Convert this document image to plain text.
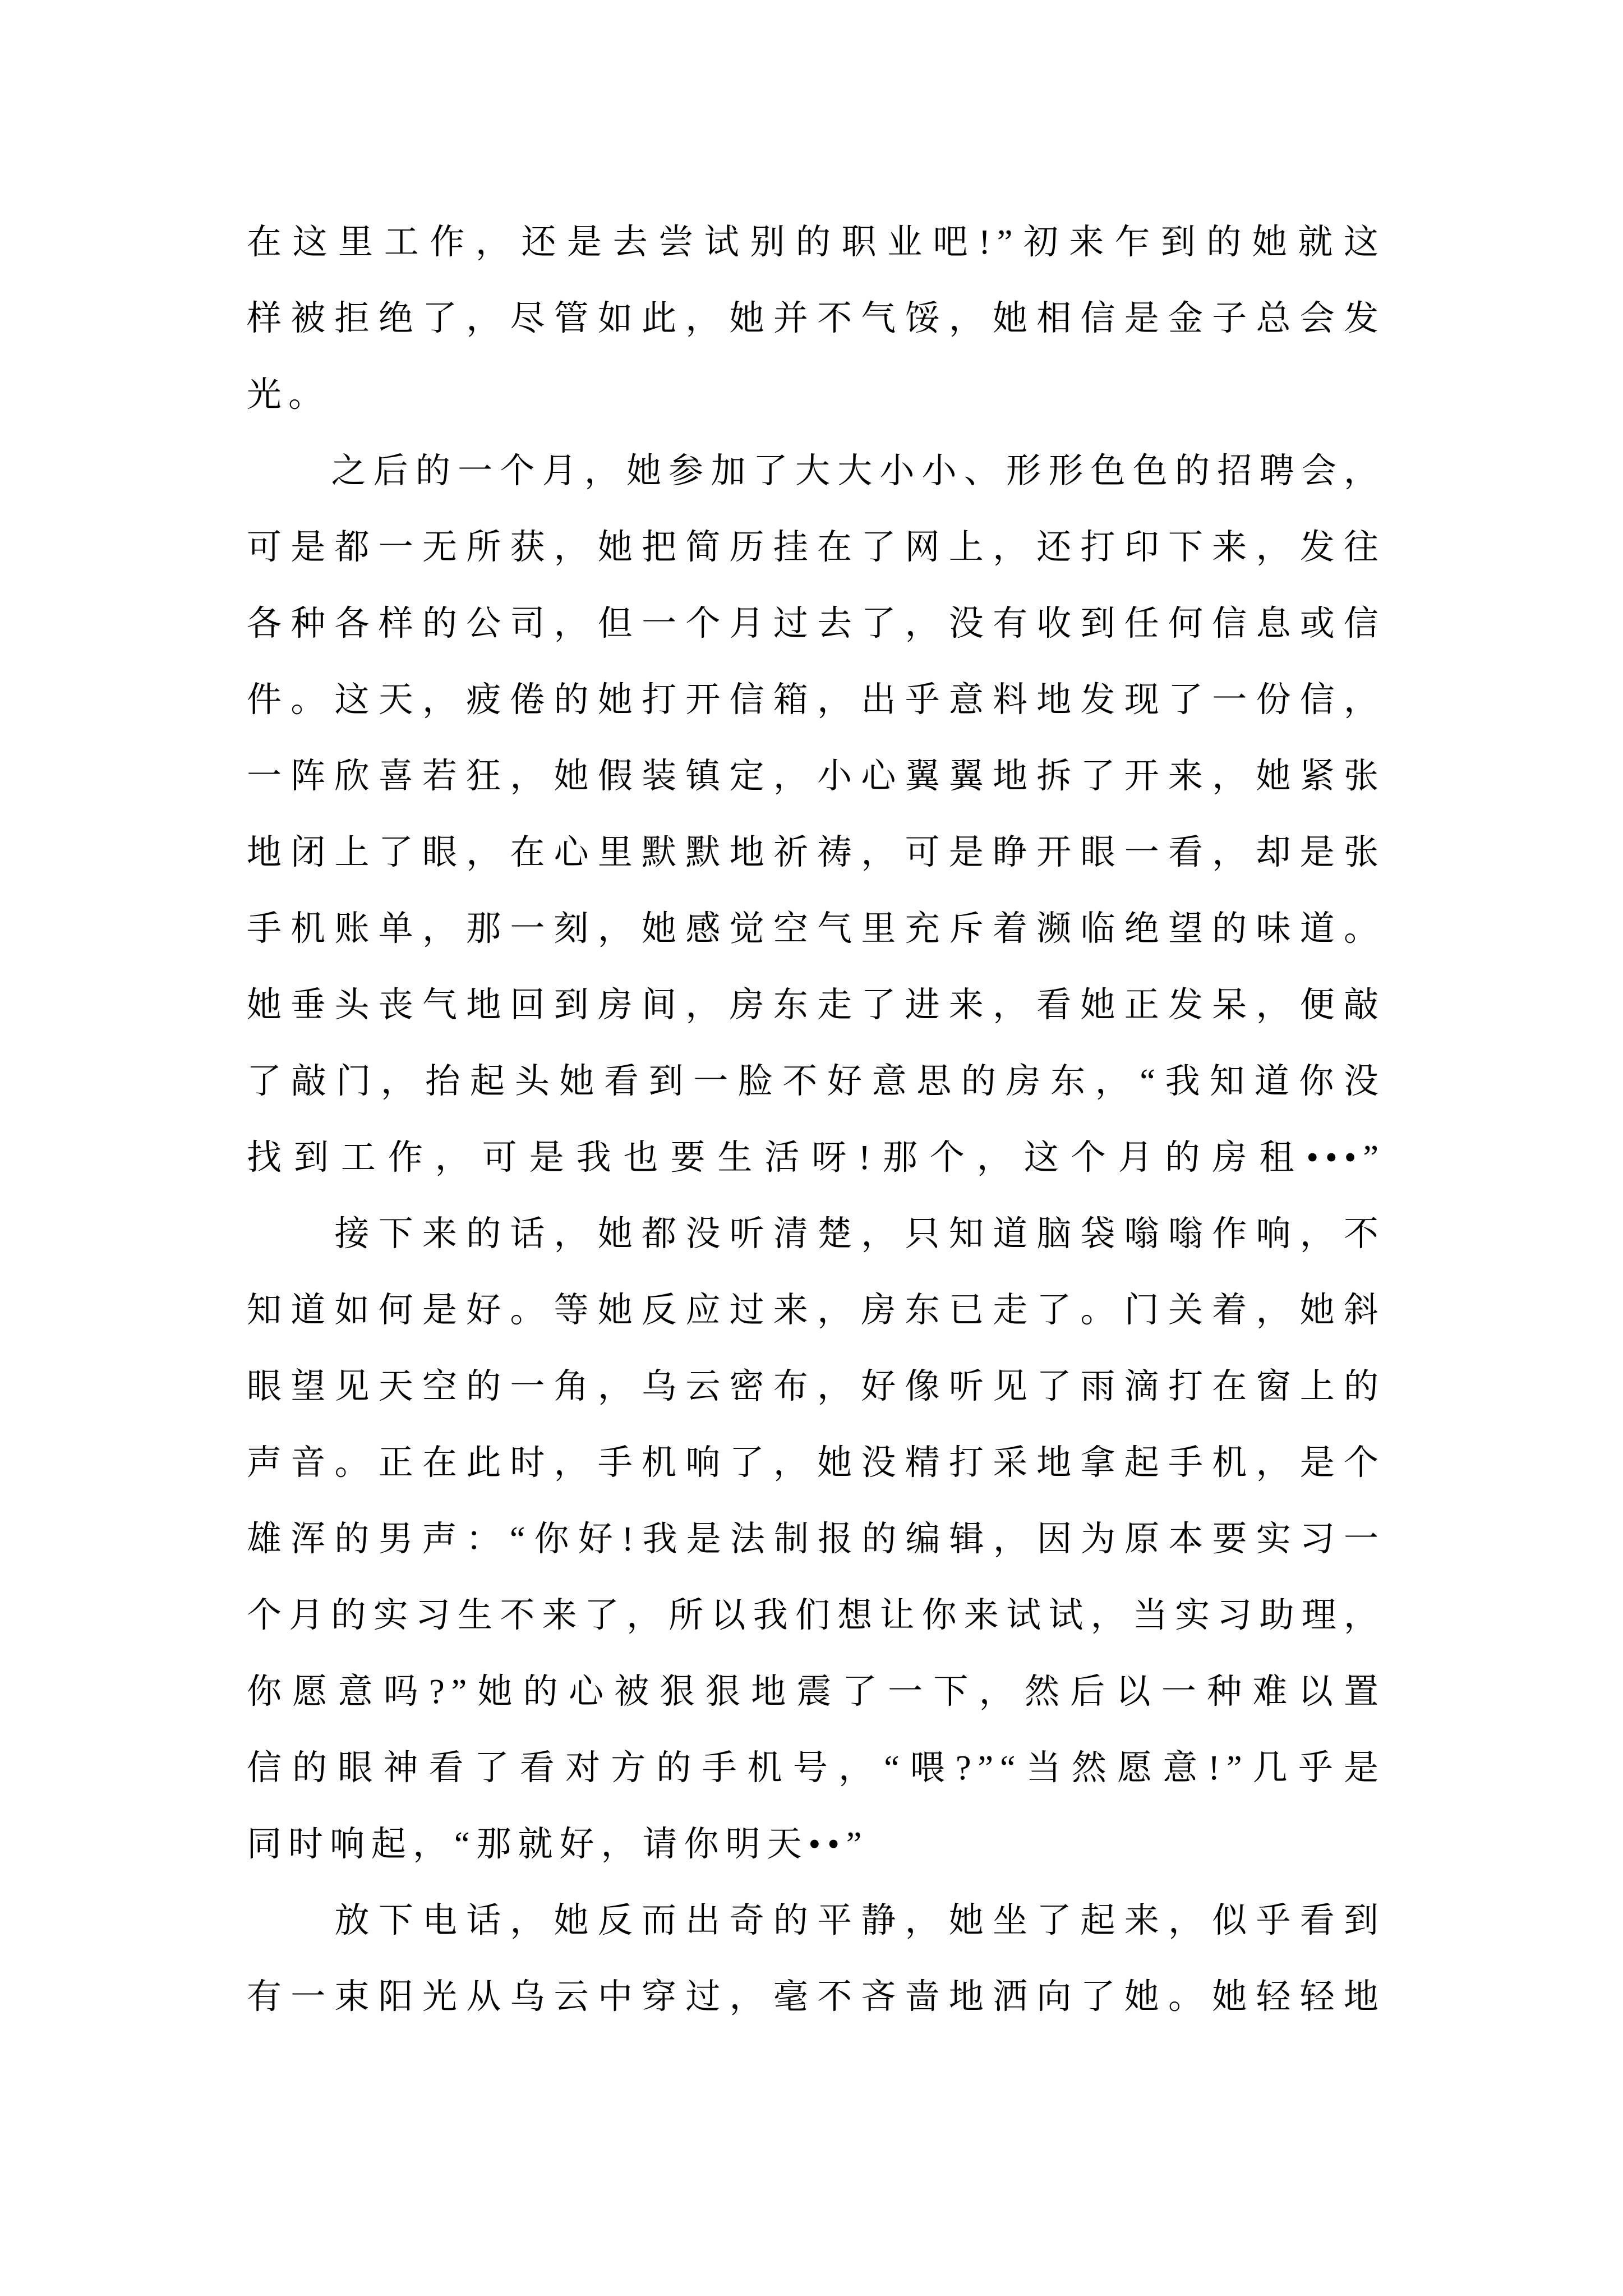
在这里工作，还是去尝试别的职业吧!”初来乍到的她就这
样被拒绝了，尽管如此，她并不气馁，她相信是金子总会发
光。
　　之后的一个月，她参加了大大小小、形形色色的招聘会，
可是都一无所获，她把简历挂在了网上，还打印下来，发往
各种各样的公司，但一个月过去了，没有收到任何信息或信
件。这天，疲倦的她打开信箱，出乎意料地发现了一份信，
一阵欣喜若狂，她假装镇定，小心翼翼地拆了开来，她紧张
地闭上了眼，在心里默默地祈祷，可是睁开眼一看，却是张
手机账单，那一刻，她感觉空气里充斥着濒临绝望的味道。
她垂头丧气地回到房间，房东走了进来，看她正发呆，便敲
了敲门，抬起头她看到一脸不好意思的房东，“我知道你没
找到工作，可是我也要生活呀!那个，这个月的房租•••”
　　接下来的话，她都没听清楚，只知道脑袋嗡嗡作响，不
知道如何是好。等她反应过来，房东已走了。门关着，她斜
眼望见天空的一角，乌云密布，好像听见了雨滴打在窗上的
声音。正在此时，手机响了，她没精打采地拿起手机，是个
雄浑的男声：“你好!我是法制报的编辑，因为原本要实习一
个月的实习生不来了，所以我们想让你来试试，当实习助理，
你愿意吗?”她的心被狠狠地震了一下，然后以一种难以置
信的眼神看了看对方的手机号，“喂?”“当然愿意!”几乎是
同时响起，“那就好，请你明天••”
　　放下电话，她反而出奇的平静，她坐了起来，似乎看到
有一束阳光从乌云中穿过，毫不吝啬地洒向了她。她轻轻地
